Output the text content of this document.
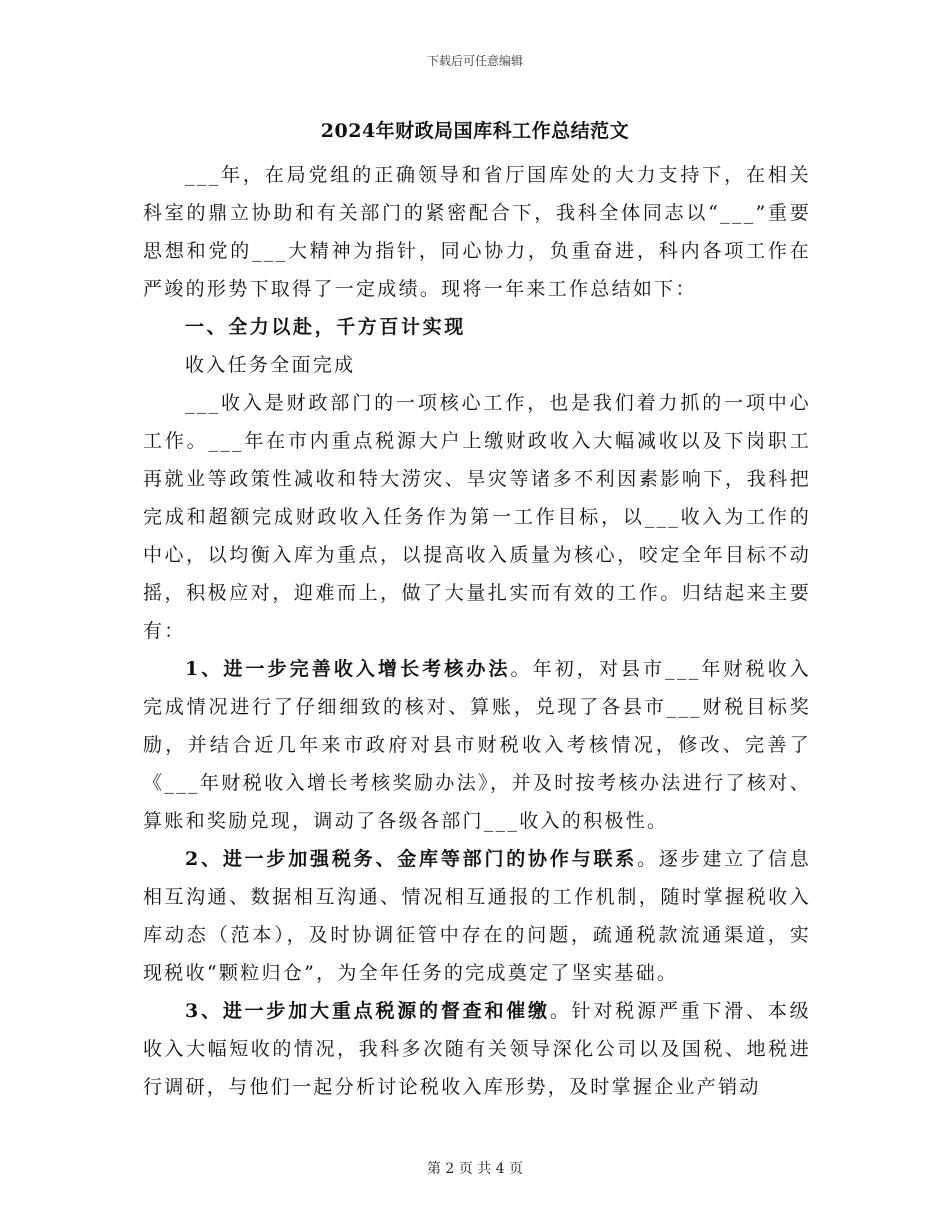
下载后可任意编辑
2024年财政局国库科工作总结范文

___年，在局党组的正确领导和省厅国库处的大力支持下，在相关科室的鼎立协助和有关部门的紧密配合下，我科全体同志以“___”重要思想和党的___大精神为指针，同心协力，负重奋进，科内各项工作在严竣的形势下取得了一定成绩。现将一年来工作总结如下：

一、全力以赴，千方百计实现

收入任务全面完成

___收入是财政部门的一项核心工作，也是我们着力抓的一项中心工作。___年在市内重点税源大户上缴财政收入大幅减收以及下岗职工再就业等政策性减收和特大涝灾、旱灾等诸多不利因素影响下，我科把完成和超额完成财政收入任务作为第一工作目标，以___收入为工作的中心，以均衡入库为重点，以提高收入质量为核心，咬定全年目标不动摇，积极应对，迎难而上，做了大量扎实而有效的工作。归结起来主要有：

1、进一步完善收入增长考核办法。年初，对县市___年财税收入完成情况进行了仔细细致的核对、算账，兑现了各县市___财税目标奖励，并结合近几年来市政府对县市财税收入考核情况，修改、完善了《___年财税收入增长考核奖励办法》，并及时按考核办法进行了核对、算账和奖励兑现，调动了各级各部门___收入的积极性。

2、进一步加强税务、金库等部门的协作与联系。逐步建立了信息相互沟通、数据相互沟通、情况相互通报的工作机制，随时掌握税收入库动态（范本），及时协调征管中存在的问题，疏通税款流通渠道，实现税收“颗粒归仓”，为全年任务的完成奠定了坚实基础。

3、进一步加大重点税源的督查和催缴。针对税源严重下滑、本级收入大幅短收的情况，我科多次随有关领导深化公司以及国税、地税进行调研，与他们一起分析讨论税收入库形势，及时掌握企业产销动

第 2 页 共 4 页
